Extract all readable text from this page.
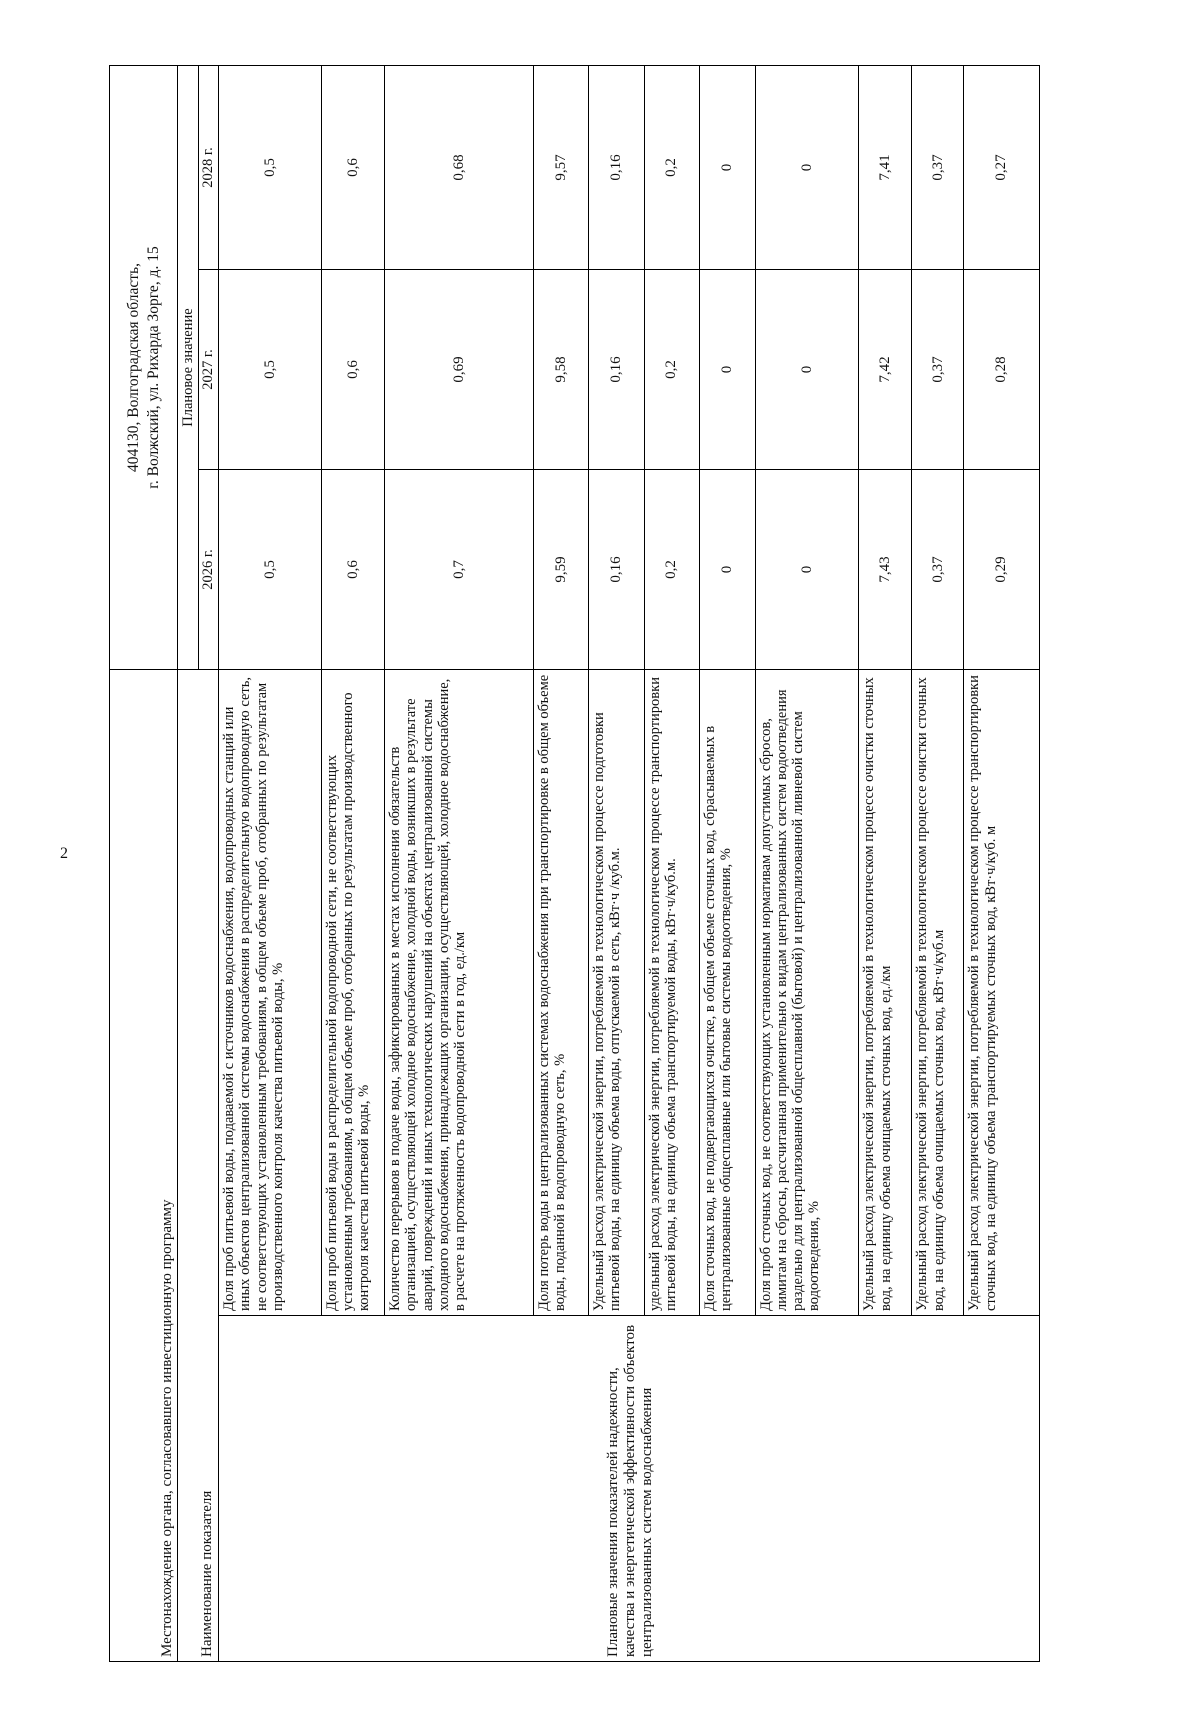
2
Местонахождение органа, согласовавшего инвестиционную программу		404130, Волгоградская область, г. Волжский, ул. Рихарда Зорге, д. 15		

Наименование показателя		Плановое значение		
		2026 г.	2027 г.	2028 г.
Плановые значения показателей надежности, качества и энергетической эффективности объектов централизованных систем водоснабжения	Доля проб питьевой воды, подаваемой с источников водоснабжения, водопроводных станций или иных объектов централизованной системы водоснабжения в распределительную водопроводную сеть, не соответствующих установленным требованиям, в общем объеме проб, отобранных по результатам производственного контроля качества питьевой воды, %	0,5	0,5	0,5
	Доля проб питьевой воды в распределительной водопроводной сети, не соответствующих установленным требованиям, в общем объеме проб, отобранных по результатам производственного контроля качества питьевой воды, %	0,6	0,6	0,6
	Количество перерывов в подаче воды, зафиксированных в местах исполнения обязательств организацией, осуществляющей холодное водоснабжение, холодной воды, возникших в результате аварий, повреждений и иных технологических нарушений на объектах централизованной системы холодного водоснабжения, принадлежащих организации, осуществляющей, холодное водоснабжение, в расчете на протяженность водопроводной сети в год, ед./км	0,7	0,69	0,68
	Доля потерь воды в централизованных системах водоснабжения при транспортировке в общем объеме воды, поданной в водопроводную сеть, %	9,59	9,58	9,57
	Удельный расход электрической энергии, потребляемой в технологическом процессе подготовки питьевой воды, на единицу объема воды, отпускаемой в сеть, кВт·ч /куб.м.	0,16	0,16	0,16
	удельный расход электрической энергии, потребляемой в технологическом процессе транспортировки питьевой воды, на единицу объема транспортируемой воды, кВт·ч/куб.м.	0,2	0,2	0,2
	Доля сточных вод, не подвергающихся очистке, в общем объеме сточных вод, сбрасываемых в централизованные общесплавные или бытовые системы водоотведения, %	0	0	0
	Доля проб сточных вод, не соответствующих установленным нормативам допустимых сбросов, лимитам на сбросы, рассчитанная применительно к видам централизованных систем водоотведения раздельно для централизованной общесплавной (бытовой) и централизованной ливневой систем водоотведения, %	0	0	0
	Удельный расход электрической энергии, потребляемой в технологическом процессе очистки сточных вод, на единицу объема очищаемых сточных вод, ед./км	7,43	7,42	7,41
	Удельный расход электрической энергии, потребляемой в технологическом процессе очистки сточных вод, на единицу объема очищаемых сточных вод, кВт·ч/куб.м	0,37	0,37	0,37
	Удельный расход электрической энергии, потребляемой в технологическом процессе транспортировки сточных вод, на единицу объема транспортируемых сточных вод, кВт·ч/куб. м	0,29	0,28	0,27
